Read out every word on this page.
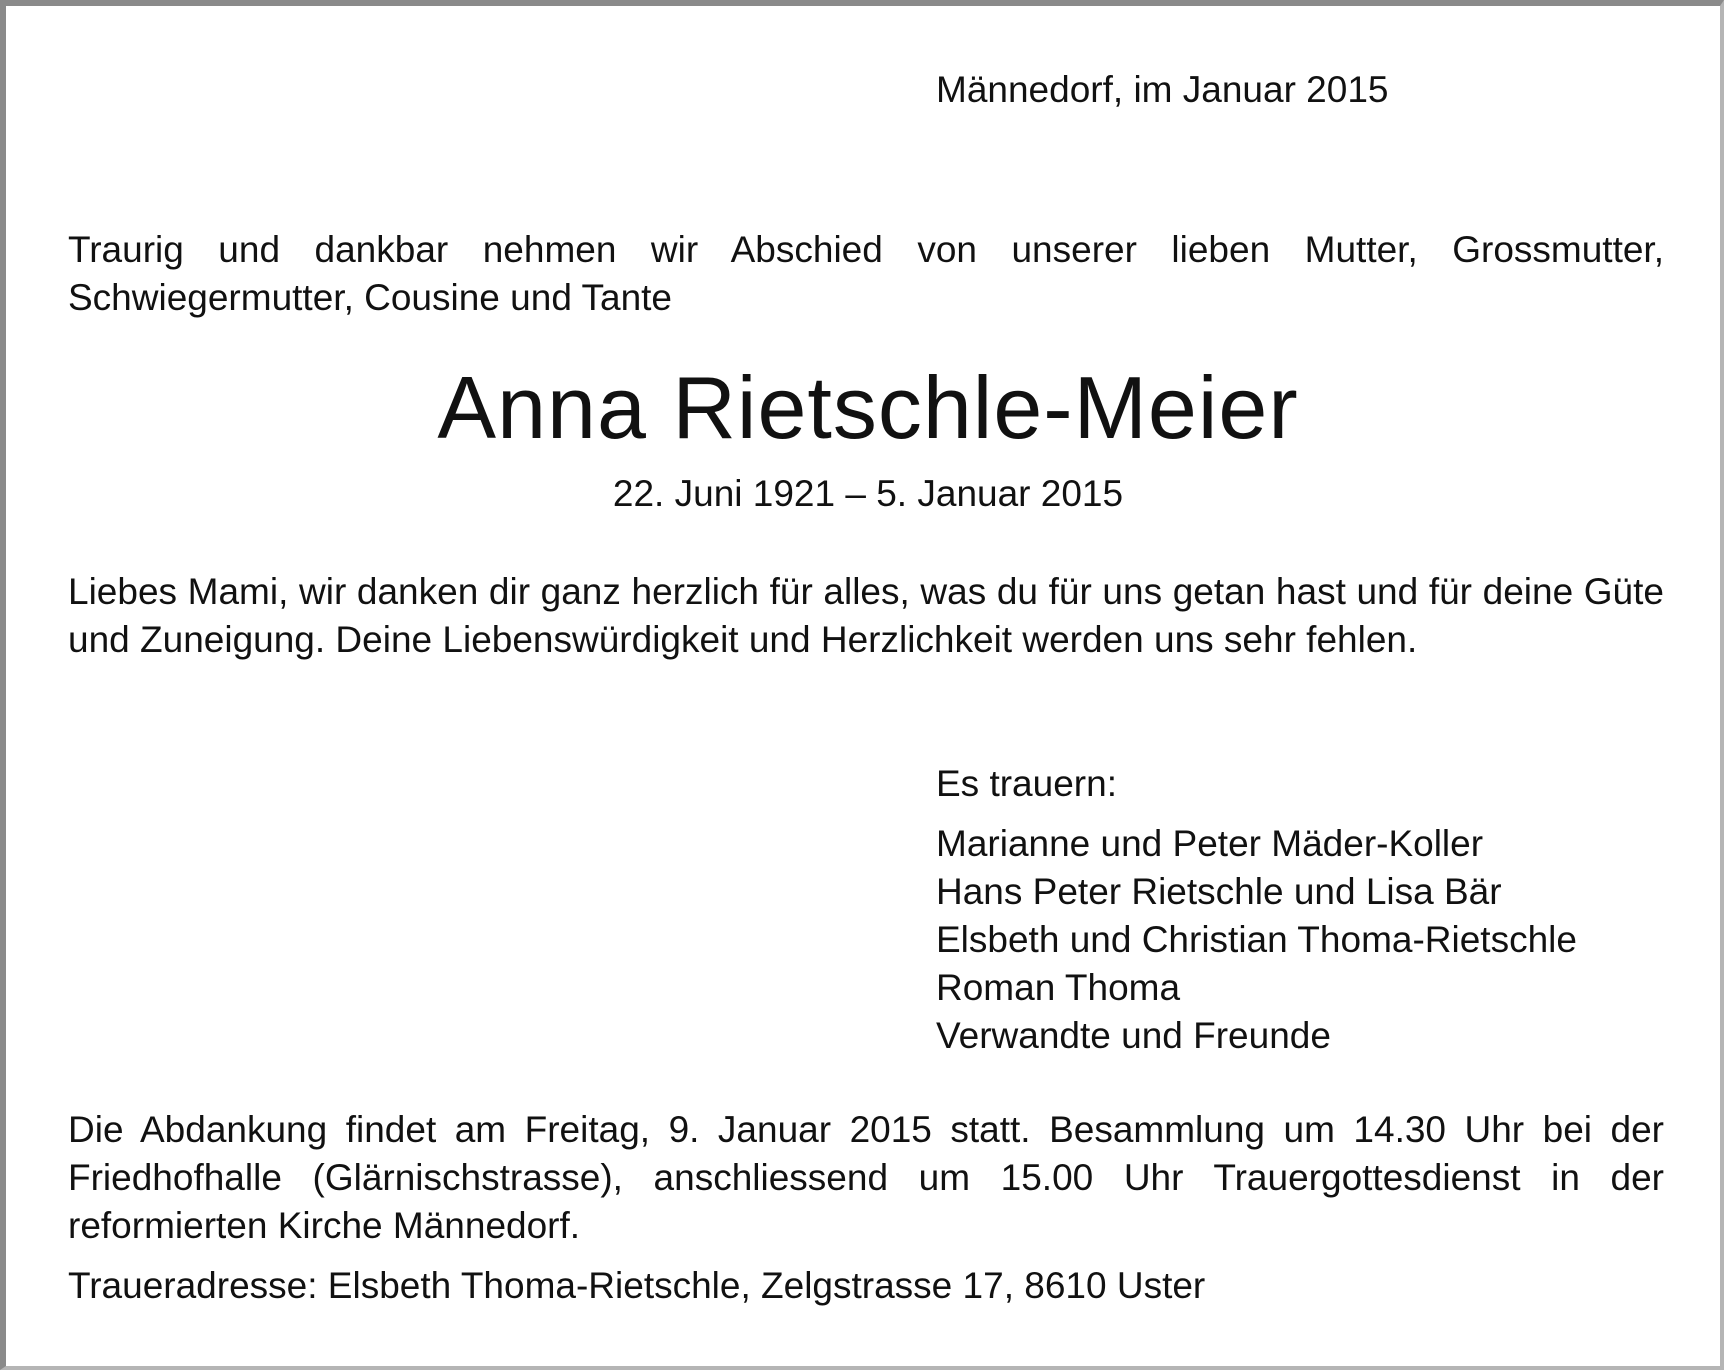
Männedorf, im Januar 2015

Traurig und dankbar nehmen wir Abschied von unserer lieben Mutter, Grossmutter, Schwiegermutter, Cousine und Tante

Anna Rietschle-Meier

22. Juni 1921 – 5. Januar 2015

Liebes Mami, wir danken dir ganz herzlich für alles, was du für uns getan hast und für deine Güte und Zuneigung. Deine Liebenswürdigkeit und Herzlichkeit werden uns sehr fehlen.

Es trauern:

Marianne und Peter Mäder-Koller
Hans Peter Rietschle und Lisa Bär
Elsbeth und Christian Thoma-Rietschle
Roman Thoma
Verwandte und Freunde

Die Abdankung findet am Freitag, 9. Januar 2015 statt. Besammlung um 14.30 Uhr bei der Friedhofhalle (Glärnischstrasse), anschliessend um 15.00 Uhr Trauergottesdienst in der reformierten Kirche Männedorf.

Traueradresse: Elsbeth Thoma-Rietschle, Zelgstrasse 17, 8610 Uster
